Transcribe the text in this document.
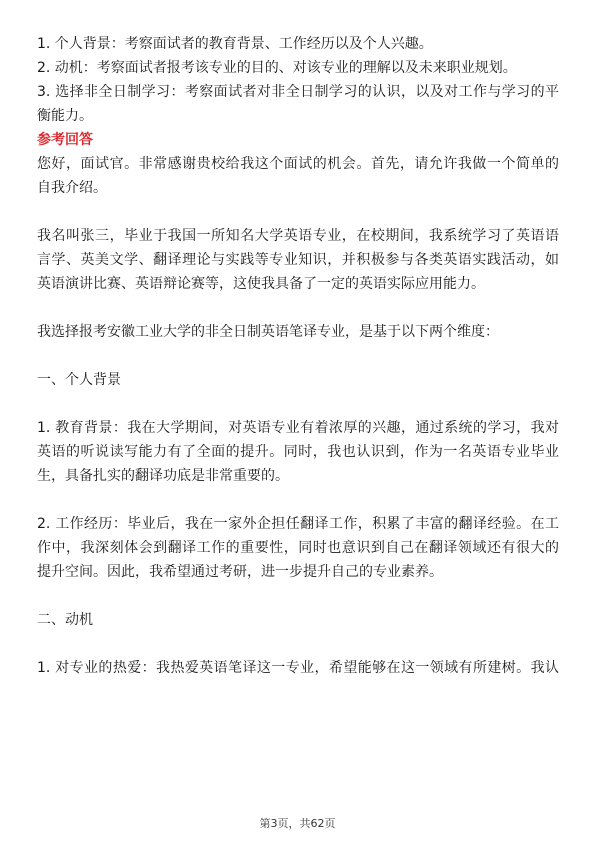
1. 个人背景：考察面试者的教育背景、工作经历以及个人兴趣。
2. 动机：考察面试者报考该专业的目的、对该专业的理解以及未来职业规划。
3. 选择非全日制学习：考察面试者对非全日制学习的认识，以及对工作与学习的平
衡能力。
参考回答
您好，面试官。非常感谢贵校给我这个面试的机会。首先，请允许我做一个简单的
自我介绍。
我名叫张三，毕业于我国一所知名大学英语专业，在校期间，我系统学习了英语语
言学、英美文学、翻译理论与实践等专业知识，并积极参与各类英语实践活动，如
英语演讲比赛、英语辩论赛等，这使我具备了一定的英语实际应用能力。
我选择报考安徽工业大学的非全日制英语笔译专业，是基于以下两个维度：
一、个人背景
1. 教育背景：我在大学期间，对英语专业有着浓厚的兴趣，通过系统的学习，我对
英语的听说读写能力有了全面的提升。同时，我也认识到，作为一名英语专业毕业
生，具备扎实的翻译功底是非常重要的。
2. 工作经历：毕业后，我在一家外企担任翻译工作，积累了丰富的翻译经验。在工
作中，我深刻体会到翻译工作的重要性，同时也意识到自己在翻译领域还有很大的
提升空间。因此，我希望通过考研，进一步提升自己的专业素养。
二、动机
1. 对专业的热爱：我热爱英语笔译这一专业，希望能够在这一领域有所建树。我认
第3页，共62页
